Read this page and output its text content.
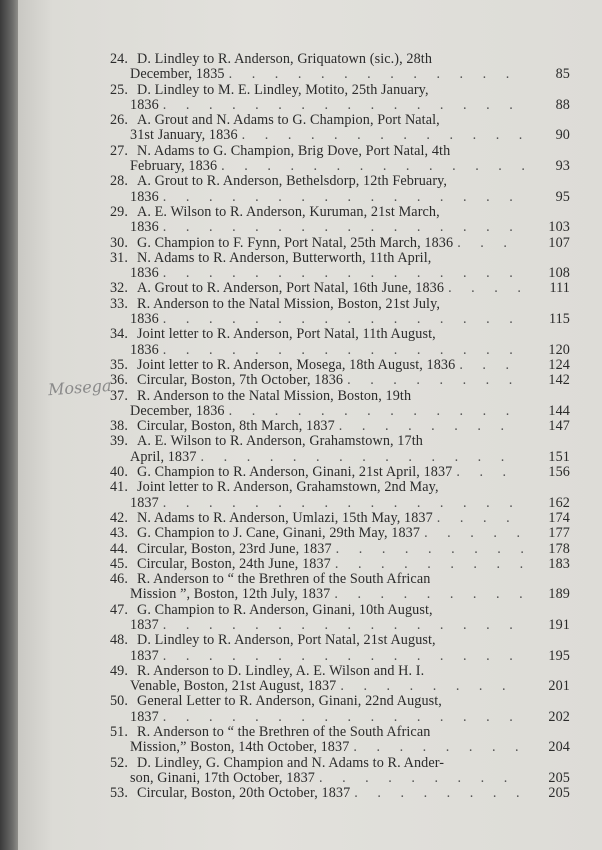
Mosega
24. D. Lindley to R. Anderson, Griquatown (sic.), 28th
December, 1835 . . .	85
25. D. Lindley to M. E. Lindley, Motito, 25th January,
1836 . . .	88
26. A. Grout and N. Adams to G. Champion, Port Natal,
31st January, 1836 . . .	90
27. N. Adams to G. Champion, Brig Dove, Port Natal, 4th
February, 1836 . . .	93
28. A. Grout to R. Anderson, Bethelsdorp, 12th February,
1836 . . .	95
29. A. E. Wilson to R. Anderson, Kuruman, 21st March,
1836 . . .	103
30. G. Champion to F. Fynn, Port Natal, 25th March, 1836 . . .	107
31. N. Adams to R. Anderson, Butterworth, 11th April,
1836 . . .	108
32. A. Grout to R. Anderson, Port Natal, 16th June, 1836 . . .	111
33. R. Anderson to the Natal Mission, Boston, 21st July,
1836 . . .	115
34. Joint letter to R. Anderson, Port Natal, 11th August,
1836 . . .	120
35. Joint letter to R. Anderson, Mosega, 18th August, 1836 . . .	124
36. Circular, Boston, 7th October, 1836 . . .	142
37. R. Anderson to the Natal Mission, Boston, 19th
December, 1836 . . .	144
38. Circular, Boston, 8th March, 1837 . . .	147
39. A. E. Wilson to R. Anderson, Grahamstown, 17th
April, 1837 . . .	151
40. G. Champion to R. Anderson, Ginani, 21st April, 1837 . . .	156
41. Joint letter to R. Anderson, Grahamstown, 2nd May,
1837 . . .	162
42. N. Adams to R. Anderson, Umlazi, 15th May, 1837 . . .	174
43. G. Champion to J. Cane, Ginani, 29th May, 1837 . . .	177
44. Circular, Boston, 23rd June, 1837 . . .	178
45. Circular, Boston, 24th June, 1837 . . .	183
46. R. Anderson to “ the Brethren of the South African
Mission ”, Boston, 12th July, 1837 . . .	189
47. G. Champion to R. Anderson, Ginani, 10th August,
1837 . . .	191
48. D. Lindley to R. Anderson, Port Natal, 21st August,
1837 . . .	195
49. R. Anderson to D. Lindley, A. E. Wilson and H. I.
Venable, Boston, 21st August, 1837 . . .	201
50. General Letter to R. Anderson, Ginani, 22nd August,
1837 . . .	202
51. R. Anderson to “ the Brethren of the South African
Mission,” Boston, 14th October, 1837 . . .	204
52. D. Lindley, G. Champion and N. Adams to R. Ander-
son, Ginani, 17th October, 1837 . . .	205
53. Circular, Boston, 20th October, 1837 . . .	205
